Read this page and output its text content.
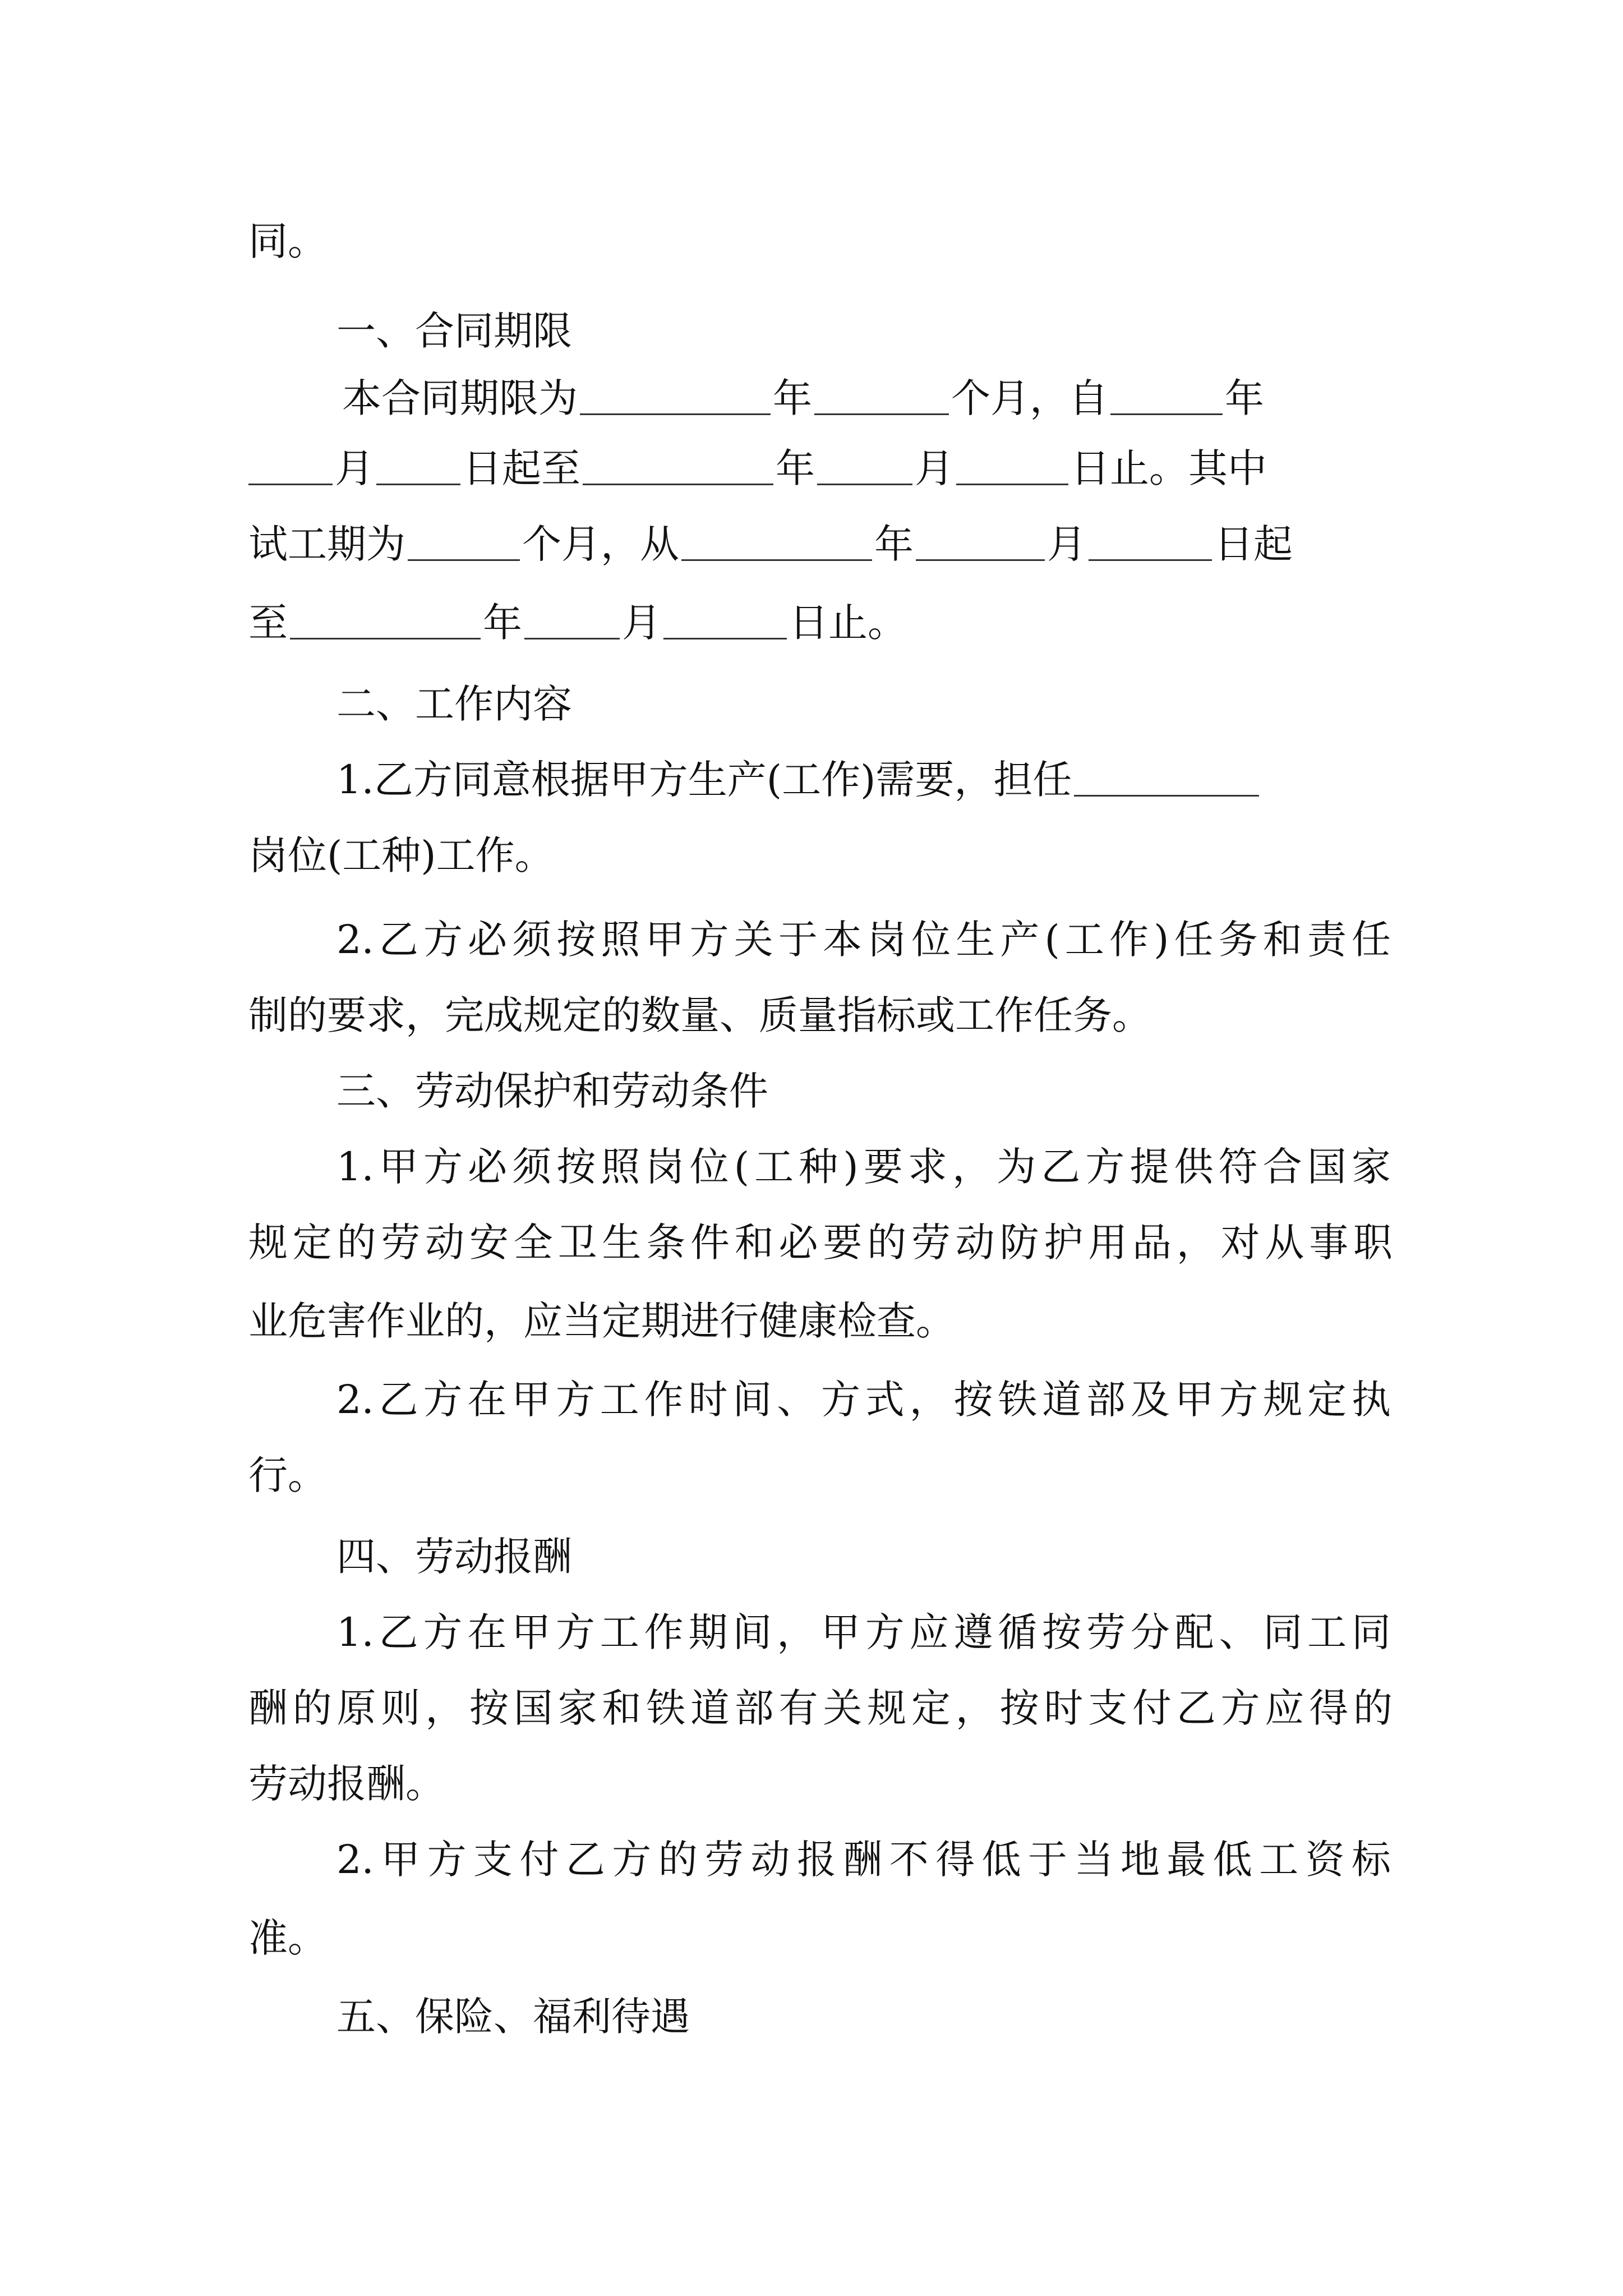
同。
一、合同期限
本合同期限为	年	个月，自	年
月 日起至	年	月	日止。其中
试工期为	个月，从	年	月	日起
至	年	月	日止。
二、工作内容
1.乙方同意根据甲方生产(工作)需要，担任
岗位(工种)工作。
2.乙方必须按照甲方关于本岗位生产(工作)任务和责任
制的要求，完成规定的数量、质量指标或工作任务。
三、劳动保护和劳动条件
1.甲方必须按照岗位(工种)要求，为乙方提供符合国家
规定的劳动安全卫生条件和必要的劳动防护用品，对从事职
业危害作业的，应当定期进行健康检查。
2.乙方在甲方工作时间、方式，按铁道部及甲方规定执
行。
四、劳动报酬
1.乙方在甲方工作期间，甲方应遵循按劳分配、同工同
酬的原则，按国家和铁道部有关规定，按时支付乙方应得的
劳动报酬。
2.甲方支付乙方的劳动报酬不得低于当地最低工资标
准。
五、保险、福利待遇
